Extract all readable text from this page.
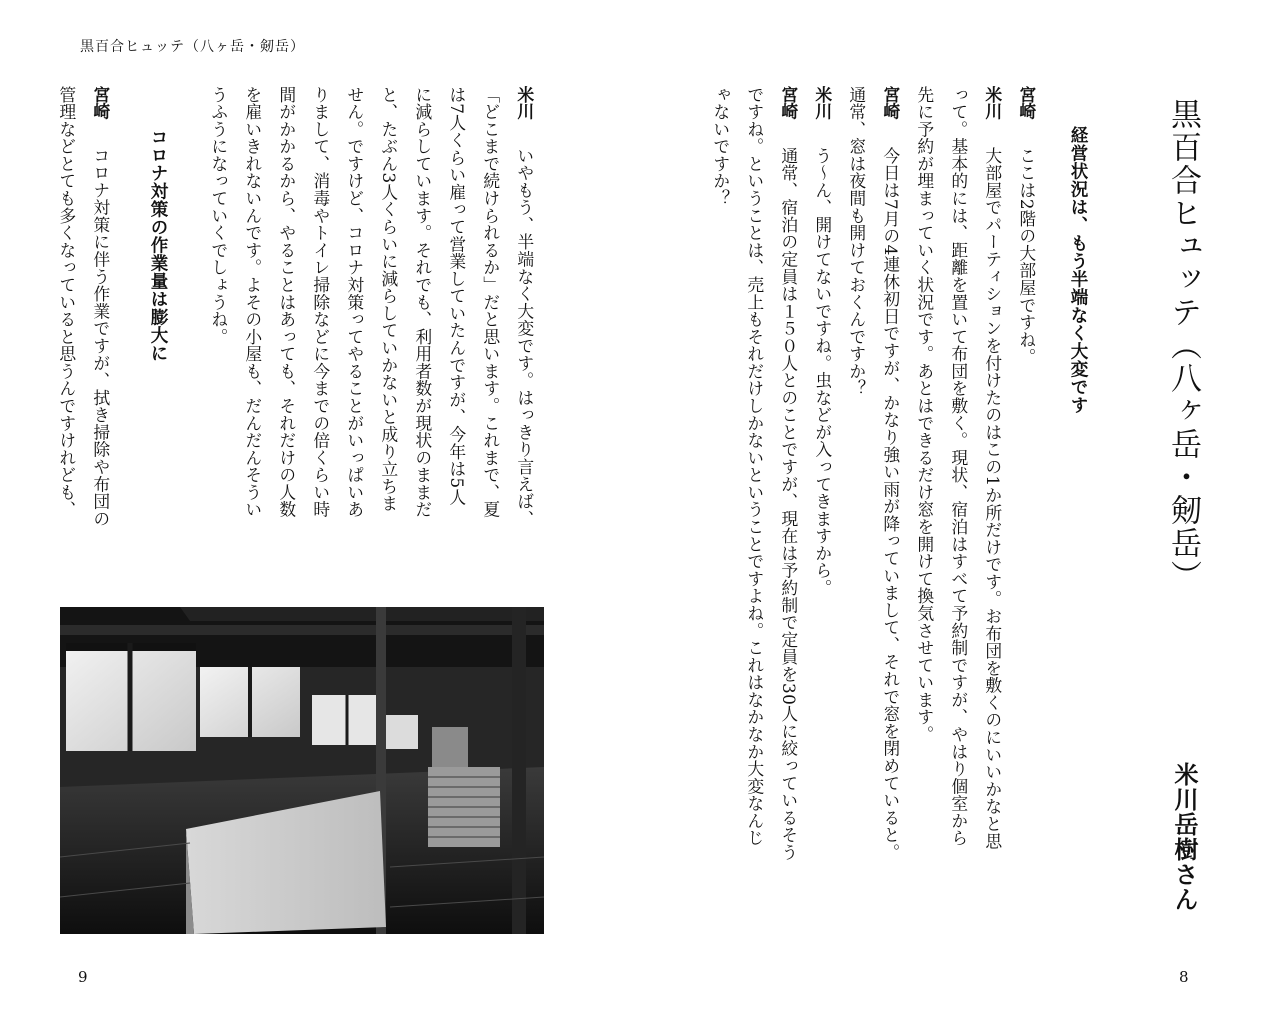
黒百合ヒュッテ（八ヶ岳・剱岳）
9	8
黒百合ヒュッテ（八ヶ岳・剱岳）
米川岳樹さん
経営状況は、もう半端なく大変です
宮崎　ここは2階の大部屋ですね。
米川　大部屋でパーティションを付けたのはこの1か所だけです。お布団を敷くのにいいかなと思
って。基本的には、距離を置いて布団を敷く。現状、宿泊はすべて予約制ですが、やはり個室から
先に予約が埋まっていく状況です。あとはできるだけ窓を開けて換気させています。
宮崎　今日は7月の4連休初日ですが、かなり強い雨が降っていまして、それで窓を閉めていると。
通常、窓は夜間も開けておくんですか？
米川　う～ん、開けてないですね。虫などが入ってきますから。
宮崎　通常、宿泊の定員は１５０人とのことですが、現在は予約制で定員を30人に絞っているそう
ですね。ということは、売上もそれだけしかないということですよね。これはなかなか大変なんじ
ゃないですか？
米川　いやもう、半端なく大変です。はっきり言えば、
「どこまで続けられるか」だと思います。これまで、夏
は7人くらい雇って営業していたんですが、今年は5人
に減らしています。それでも、利用者数が現状のままだ
と、たぶん3人くらいに減らしていかないと成り立ちま
せん。ですけど、コロナ対策ってやることがいっぱいあ
りまして、消毒やトイレ掃除などに今までの倍くらい時
間がかかるから、やることはあっても、それだけの人数
を雇いきれないんです。よその小屋も、だんだんそうい
うふうになっていくでしょうね。
コロナ対策の作業量は膨大に
宮崎　コロナ対策に伴う作業ですが、拭き掃除や布団の
管理などとても多くなっていると思うんですけれども、
